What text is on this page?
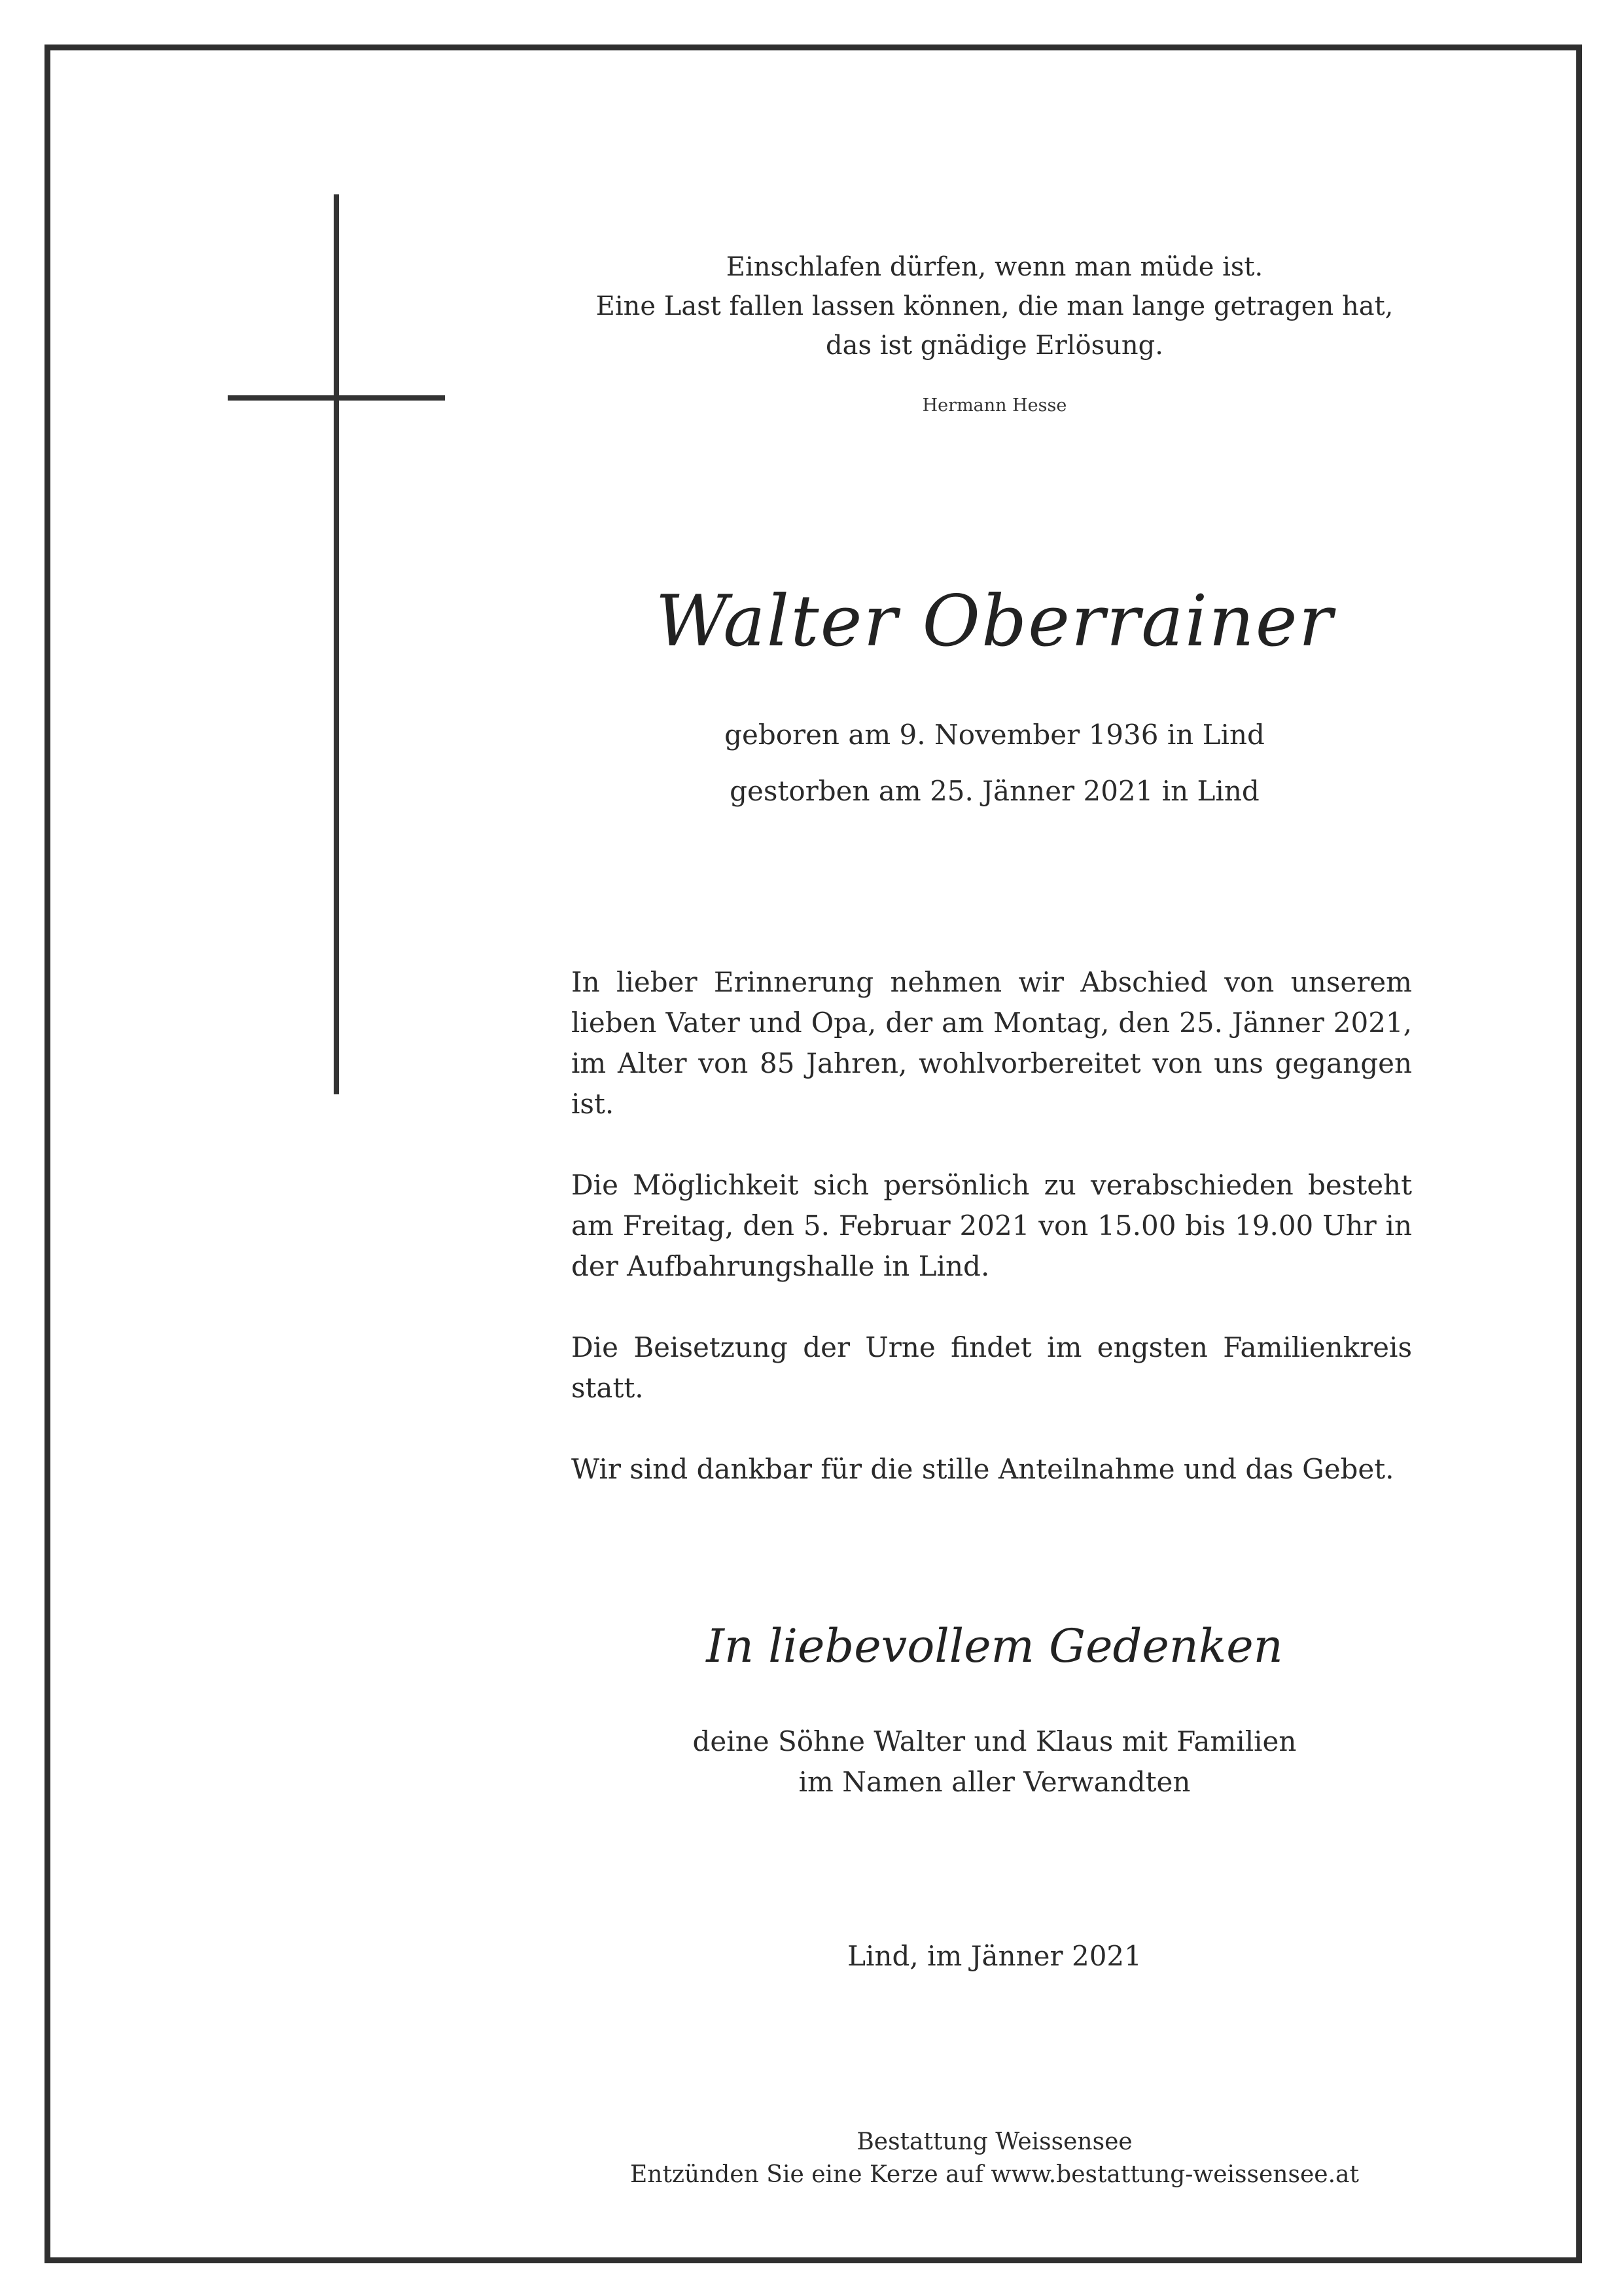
Einschlafen dürfen, wenn man müde ist.
Eine Last fallen lassen können, die man lange getragen hat,
das ist gnädige Erlösung.
Hermann Hesse
Walter Oberrainer
geboren am 9. November 1936 in Lind
gestorben am 25. Jänner 2021 in Lind

In lieber Erinnerung nehmen wir Abschied von unserem lieben Vater und Opa, der am Montag, den 25. Jänner 2021, im Alter von 85 Jahren, wohlvorbereitet von uns gegangen ist.

Die Möglichkeit sich persönlich zu verabschieden besteht am Freitag, den 5. Februar 2021 von 15.00 bis 19.00 Uhr in der Aufbahrungshalle in Lind.

Die Beisetzung der Urne findet im engsten Familienkreis statt.

Wir sind dankbar für die stille Anteilnahme und das Gebet.

In liebevollem Gedenken
deine Söhne Walter und Klaus mit Familien
im Namen aller Verwandten
Lind, im Jänner 2021
Bestattung Weissensee
Entzünden Sie eine Kerze auf www.bestattung-weissensee.at
